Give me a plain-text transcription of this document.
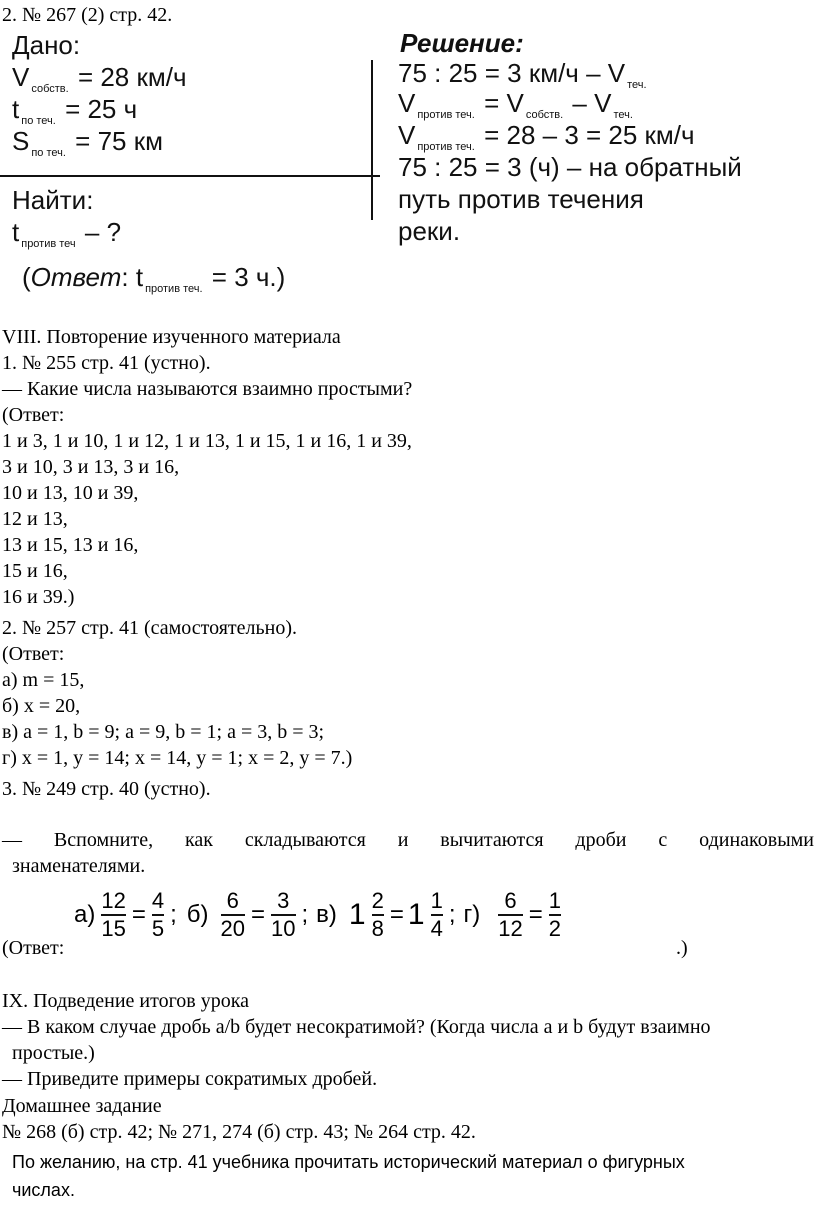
2. № 267 (2) стр. 42.
Дано:
V $_{собств.}$ = 28 км/ч
t $_{по теч.}$ = 25 ч
S $_{по теч.}$ = 75 км
Найти:
t $_{против теч}$ – ?
(Ответ: t $_{против теч.}$ = 3 ч.)
Решение:
75 : 25 = 3 км/ч – V $_{теч.}$
V $_{против теч.}$ = V $_{собств.}$ – V $_{теч.}$
V $_{против теч.}$ = 28 – 3 = 25 км/ч
75 : 25 = 3 (ч) – на обратный
путь против течения
реки.
VIII. Повторение изученного материала
1. № 255 стр. 41 (устно).
— Какие числа называются взаимно простыми?
(Ответ:
1 и 3, 1 и 10, 1 и 12, 1 и 13, 1 и 15, 1 и 16, 1 и 39,
3 и 10, 3 и 13, 3 и 16,
10 и 13, 10 и 39,
12 и 13,
13 и 15, 13 и 16,
15 и 16,
16 и 39.)
2. № 257 стр. 41 (самостоятельно).
(Ответ:
а) m = 15,
б) x = 20,
в) a = 1, b = 9; a = 9, b = 1; a = 3, b = 3;
г) x = 1, y = 14; x = 14, y = 1; x = 2, y = 7.)
3. № 249 стр. 40 (устно).
— Вспомните, как складываются и вычитаются дроби с одинаковыми
знаменателями.
(Ответ:
$а) \frac{12}{15} = \frac{4}{5}$ ; $б) \frac{6}{20} = \frac{3}{10}$ ; в) $1 \frac{2}{8} = 1 \frac{1}{4}$ ; $г) \frac{6}{12} = \frac{1}{2}$
.)
IX. Подведение итогов урока
— В каком случае дробь a/b будет несократимой? (Когда числа a и b будут взаимно
простые.)
— Приведите примеры сократимых дробей.
Домашнее задание
№ 268 (б) стр. 42; № 271, 274 (б) стр. 43; № 264 стр. 42.
По желанию, на стр. 41 учебника прочитать исторический материал о фигурных
числах.
